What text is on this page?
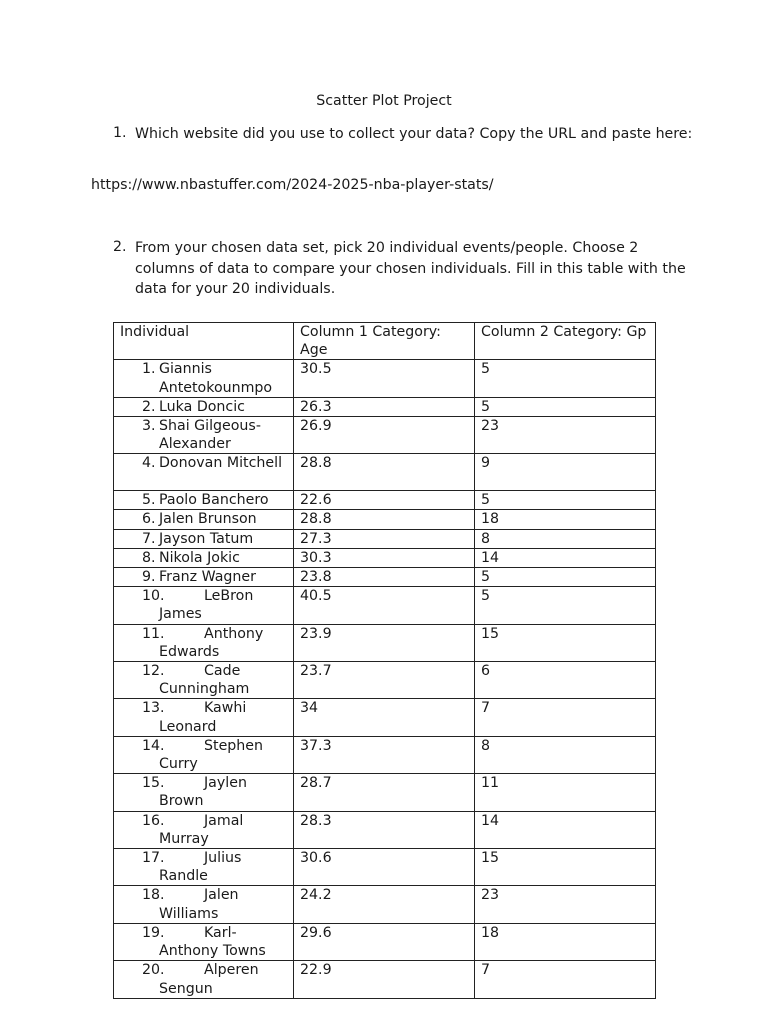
Scatter Plot Project
1. Which website did you use to collect your data? Copy the URL and paste here:
https://www.nbastuffer.com/2024-2025-nba-player-stats/
2. From your chosen data set, pick 20 individual events/people. Choose 2 columns of data to compare your chosen individuals. Fill in this table with the data for your 20 individuals.
Individual	Column 1 Category: Age	Column 2 Category: Gp

1. Giannis Antetokounmpo	30.5	5

2. Luka Doncic	26.3	5

3. Shai Gilgeous-Alexander	26.9	23

4. Donovan Mitchell	28.8	9

5. Paolo Banchero	22.6	5

6. Jalen Brunson	28.8	18

7. Jayson Tatum	27.3	8

8. Nikola Jokic	30.3	14

9. Franz Wagner	23.8	5

10. LeBron
James	40.5	5

11. Anthony
Edwards	23.9	15

12. Cade
Cunningham	23.7	6

13. Kawhi
Leonard	34	7

14. Stephen
Curry	37.3	8

15. Jaylen
Brown	28.7	11

16. Jamal
Murray	28.3	14

17. Julius
Randle	30.6	15

18. Jalen
Williams	24.2	23

19. Karl-
Anthony Towns	29.6	18

20. Alperen
Sengun	22.9	7
